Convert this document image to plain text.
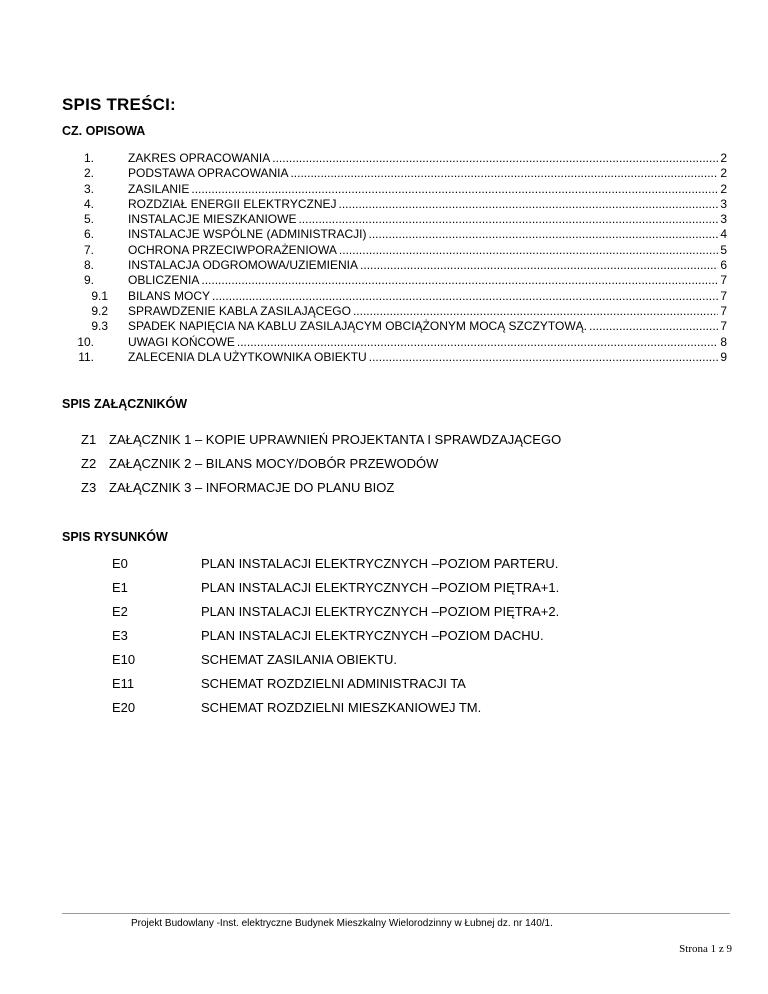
SPIS TREŚCI:
CZ. OPISOWA
1.	ZAKRES OPRACOWANIA .....	2
2.	PODSTAWA OPRACOWANIA .....	2
3.	ZASILANIE .....	2
4.	ROZDZIAŁ ENERGII ELEKTRYCZNEJ .....	3
5.	INSTALACJE MIESZKANIOWE .....	3
6.	INSTALACJE WSPÓLNE (ADMINISTRACJI) .....	4
7.	OCHRONA PRZECIWPORAŻENIOWA .....	5
8.	INSTALACJA ODGROMOWA/UZIEMIENIA .....	6
9.	OBLICZENIA .....	7
9.1 BILANS MOCY .....	7
9.2 SPRAWDZENIE KABLA ZASILAJĄCEGO .....	7
9.3 SPADEK NAPIĘCIA NA KABLU ZASILAJĄCYM OBCIĄŻONYM MOCĄ SZCZYTOWĄ. .....	7
10.	UWAGI KOŃCOWE .....	8
11.	ZALECENIA DLA UŻYTKOWNIKA OBIEKTU .....	9
SPIS ZAŁĄCZNIKÓW
Z1 ZAŁĄCZNIK 1 – KOPIE UPRAWNIEŃ PROJEKTANTA I SPRAWDZAJĄCEGO
Z2 ZAŁĄCZNIK 2 – BILANS MOCY/DOBÓR PRZEWODÓW
Z3 ZAŁĄCZNIK 3 – INFORMACJE DO PLANU BIOZ
SPIS RYSUNKÓW
E0	PLAN INSTALACJI ELEKTRYCZNYCH –POZIOM PARTERU.
E1	PLAN INSTALACJI ELEKTRYCZNYCH –POZIOM PIĘTRA+1.
E2	PLAN INSTALACJI ELEKTRYCZNYCH –POZIOM PIĘTRA+2.
E3	PLAN INSTALACJI ELEKTRYCZNYCH –POZIOM DACHU.
E10	SCHEMAT ZASILANIA OBIEKTU.
E11	SCHEMAT ROZDZIELNI ADMINISTRACJI TA
E20	SCHEMAT ROZDZIELNI MIESZKANIOWEJ TM.
Projekt Budowlany -Inst. elektryczne Budynek Mieszkalny Wielorodzinny w Łubnej dz. nr 140/1.
Strona 1 z 9
